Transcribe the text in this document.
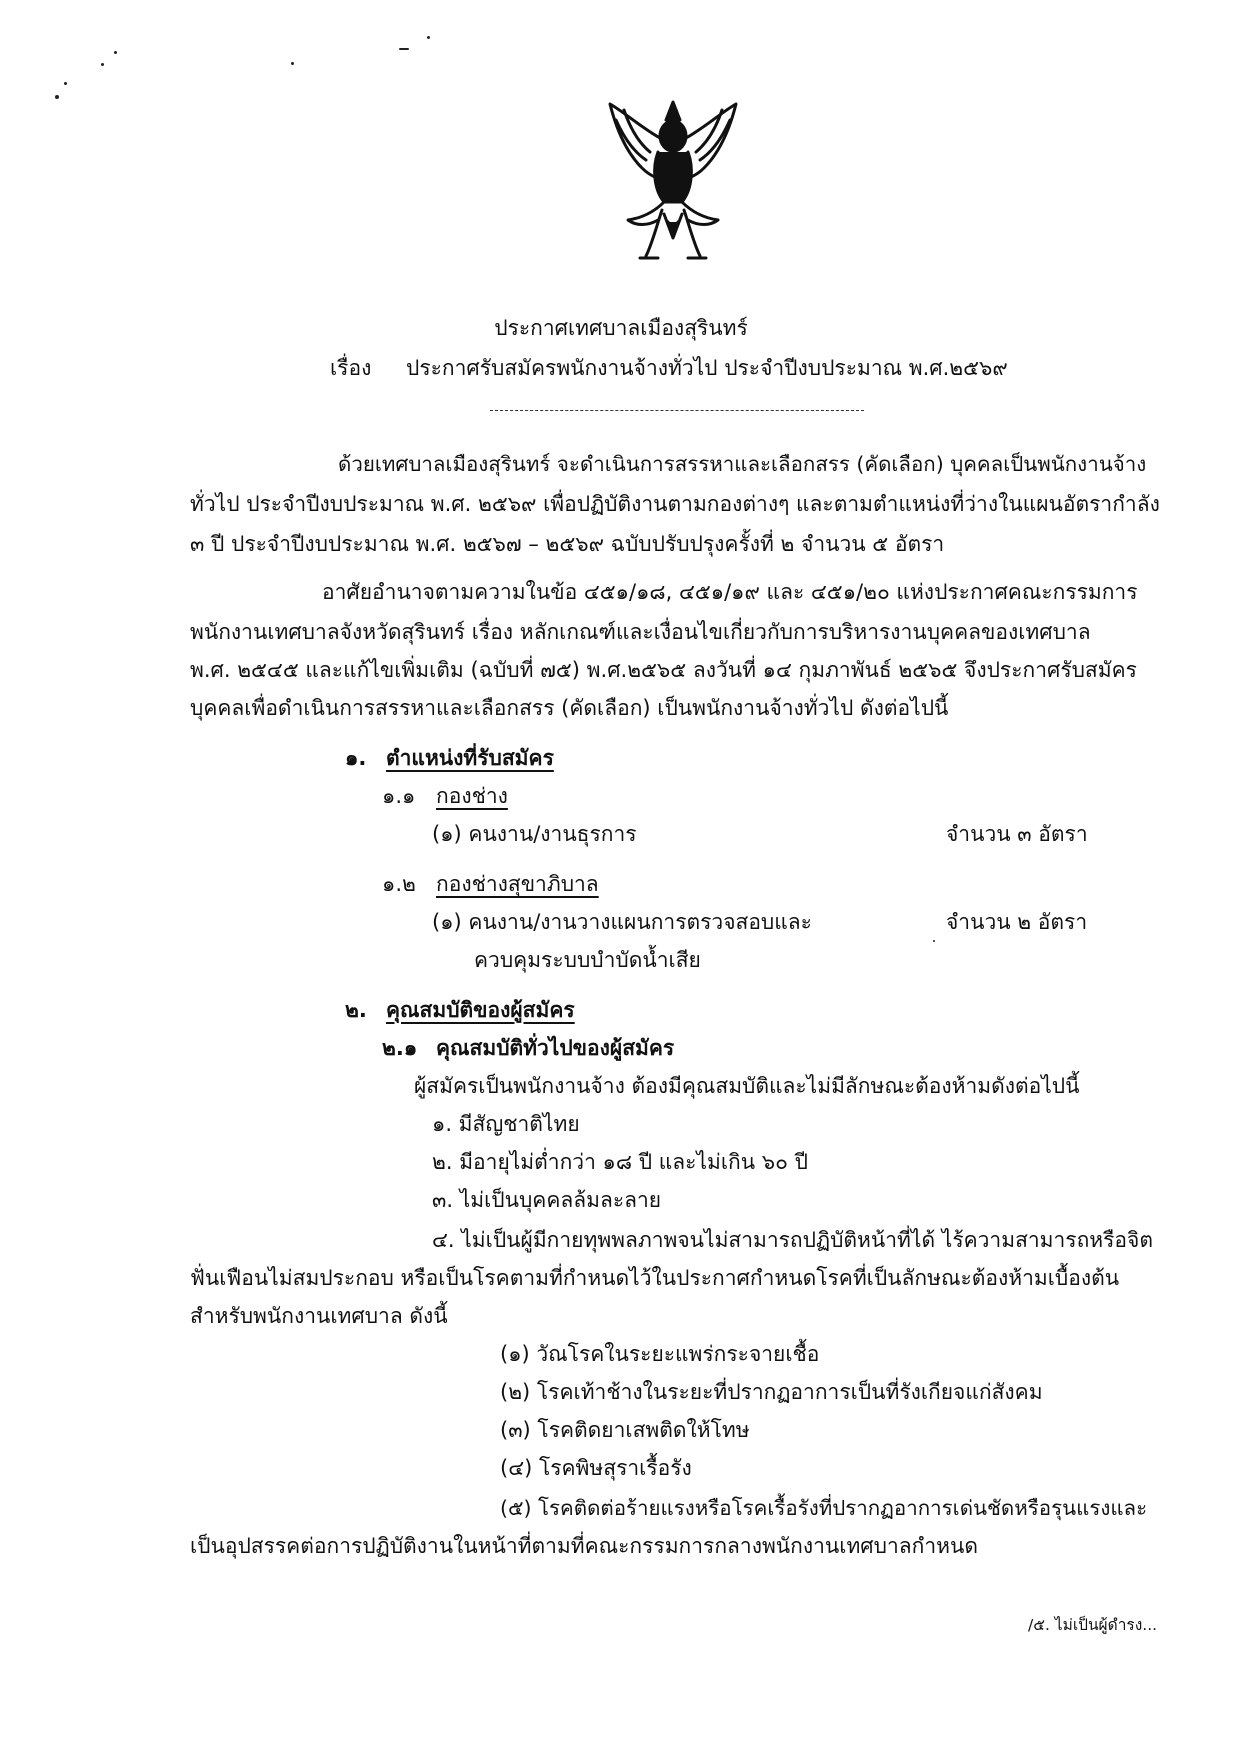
ประกาศเทศบาลเมืองสุรินทร์
เรื่อง ประกาศรับสมัครพนักงานจ้างทั่วไป ประจำปีงบประมาณ พ.ศ.๒๕๖๙
ด้วยเทศบาลเมืองสุรินทร์ จะดำเนินการสรรหาและเลือกสรร (คัดเลือก) บุคคลเป็นพนักงานจ้าง
ทั่วไป ประจำปีงบประมาณ พ.ศ. ๒๕๖๙ เพื่อปฏิบัติงานตามกองต่างๆ และตามตำแหน่งที่ว่างในแผนอัตรากำลัง
๓ ปี ประจำปีงบประมาณ พ.ศ. ๒๕๖๗ – ๒๕๖๙ ฉบับปรับปรุงครั้งที่ ๒ จำนวน ๕ อัตรา
อาศัยอำนาจตามความในข้อ ๔๕๑/๑๘, ๔๕๑/๑๙ และ ๔๕๑/๒๐ แห่งประกาศคณะกรรมการ
พนักงานเทศบาลจังหวัดสุรินทร์ เรื่อง หลักเกณฑ์และเงื่อนไขเกี่ยวกับการบริหารงานบุคคลของเทศบาล
พ.ศ. ๒๕๔๕ และแก้ไขเพิ่มเติม (ฉบับที่ ๗๕) พ.ศ.๒๕๖๕ ลงวันที่ ๑๔ กุมภาพันธ์ ๒๕๖๕ จึงประกาศรับสมัคร
บุคคลเพื่อดำเนินการสรรหาและเลือกสรร (คัดเลือก) เป็นพนักงานจ้างทั่วไป ดังต่อไปนี้
๑. ตำแหน่งที่รับสมัคร
๑.๑ กองช่าง
(๑) คนงาน/งานธุรการ	จำนวน ๓ อัตรา
๑.๒ กองช่างสุขาภิบาล
(๑) คนงาน/งานวางแผนการตรวจสอบและ
ควบคุมระบบบำบัดน้ำเสีย
จำนวน ๒ อัตรา
๒. คุณสมบัติของผู้สมัคร
๒.๑ คุณสมบัติทั่วไปของผู้สมัคร
ผู้สมัครเป็นพนักงานจ้าง ต้องมีคุณสมบัติและไม่มีลักษณะต้องห้ามดังต่อไปนี้
๑. มีสัญชาติไทย
๒. มีอายุไม่ต่ำกว่า ๑๘ ปี และไม่เกิน ๖๐ ปี
๓. ไม่เป็นบุคคลล้มละลาย
๔. ไม่เป็นผู้มีกายทุพพลภาพจนไม่สามารถปฏิบัติหน้าที่ได้ ไร้ความสามารถหรือจิต
ฟั่นเฟือนไม่สมประกอบ หรือเป็นโรคตามที่กำหนดไว้ในประกาศกำหนดโรคที่เป็นลักษณะต้องห้ามเบื้องต้น
สำหรับพนักงานเทศบาล ดังนี้
(๑) วัณโรคในระยะแพร่กระจายเชื้อ
(๒) โรคเท้าช้างในระยะที่ปรากฏอาการเป็นที่รังเกียจแก่สังคม
(๓) โรคติดยาเสพติดให้โทษ
(๔) โรคพิษสุราเรื้อรัง
(๕) โรคติดต่อร้ายแรงหรือโรคเรื้อรังที่ปรากฏอาการเด่นชัดหรือรุนแรงและ
เป็นอุปสรรคต่อการปฏิบัติงานในหน้าที่ตามที่คณะกรรมการกลางพนักงานเทศบาลกำหนด
/๕. ไม่เป็นผู้ดำรง...
